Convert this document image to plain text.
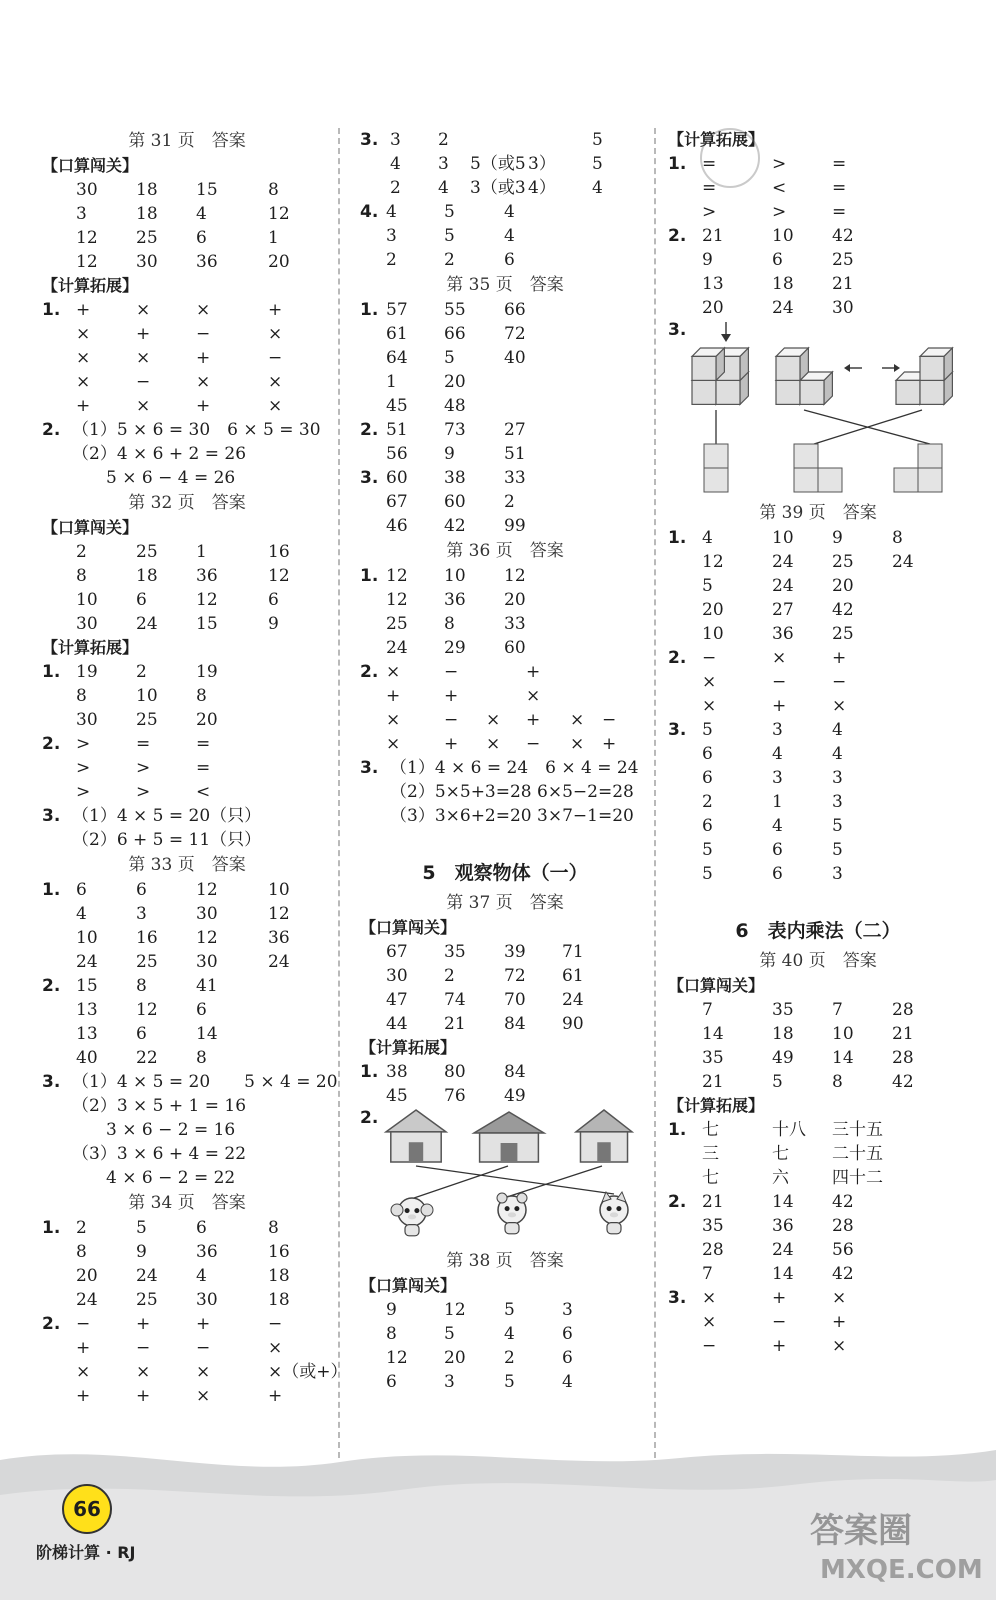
第 31 页　答案
【口算闯关】
30 18 15	8
3	18 4	12
12 25 6	1
12 30 36	20
【计算拓展】
1. +	×	×	+
×	+	−	×
×	×	+	−
×	−	×	×
+	×	+	×
2. （1）5 × 6 = 30　6 × 5 = 30
（2）4 × 6 + 2 = 26
　　5 × 6 − 4 = 26
第 32 页　答案
【口算闯关】
2	25 1	16
8	18 36	12
10 6	12	6
30 24 15	9
【计算拓展】
1. 19 2	19
8	10 8
30 25 20
2. >	=	=
>	>	=
>	>	<
3. （1）4 × 5 = 20（只）
（2）6 + 5 = 11（只）
第 33 页　答案
1. 6	6	12	10
4	3	30	12
10 16 12	36
24 25 30	24
2. 15 8	41
13 12 6
13 6	14
40 22 8
3. （1）4 × 5 = 20　　5 × 4 = 20
（2）3 × 5 + 1 = 16
　　3 × 6 − 2 = 16
（3）3 × 6 + 4 = 22
　　4 × 6 − 2 = 22
第 34 页　答案
1. 2	5	6	8
8	9	36	16
20 24 4	18
24 25 30	18
2. −	+	+	−
+	−	−	×
×	×	×	×（或+）
+	+	×	+
3. 3 2	5
4 3 5（或5 3） 5
2 4 3（或3 4） 4
4. 4	5	4
3	5	4
2	2	6
第 35 页　答案
1. 57 55 66
61 66 72
64 5	40
1	20
45 48
2. 51 73 27
56 9	51
3. 60 38 33
67 60 2
46 42 99
第 36 页　答案
1. 12 10 12
12 36 20
25 8	33
24 29 60
2. ×	−	+
+	+	×
×	− × + × −
×	+ × − × +
3. （1）4 × 6 = 24　6 × 4 = 24
（2）5×5+3=28 6×5−2=28
（3）3×6+2=20 3×7−1=20
5　观察物体（一）
第 37 页　答案
【口算闯关】
67 35 39 71
30 2	72 61
47 74 70 24
44 21 84 90
【计算拓展】
1. 38 80 84
45 76 49
2.
第 38 页　答案
【口算闯关】
9	12 5	3
8	5	4	6
12 20 2	6
6	3	5	4
【计算拓展】
1. =	>	=
=	<	=
>	>	=
2. 21	10 42
9	6	25
13	18 21
20	24 30
3.
第 39 页　答案
1. 4	10 9	8
12	24 25 24
5	24 20
20	27 42
10	36 25
2. −	×	+
×	−	−
×	+	×
3. 5	3	4
6	4	4
6	3	3
2	1	3
6	4	5
5	6	5
5	6	3
6　表内乘法（二）
第 40 页　答案
【口算闯关】
7	35 7	28
14	18 10 21
35	49 14 28
21	5	8	42
【计算拓展】
1. 七	十八 三十五
三	七	二十五
七	六	四十二
2. 21	14 42
35	36 28
28	24 56
7	14 42
3. ×	+	×
×	−	+
−	+	×
66
阶梯计算 · RJ
答案圈
MXQE.COM
